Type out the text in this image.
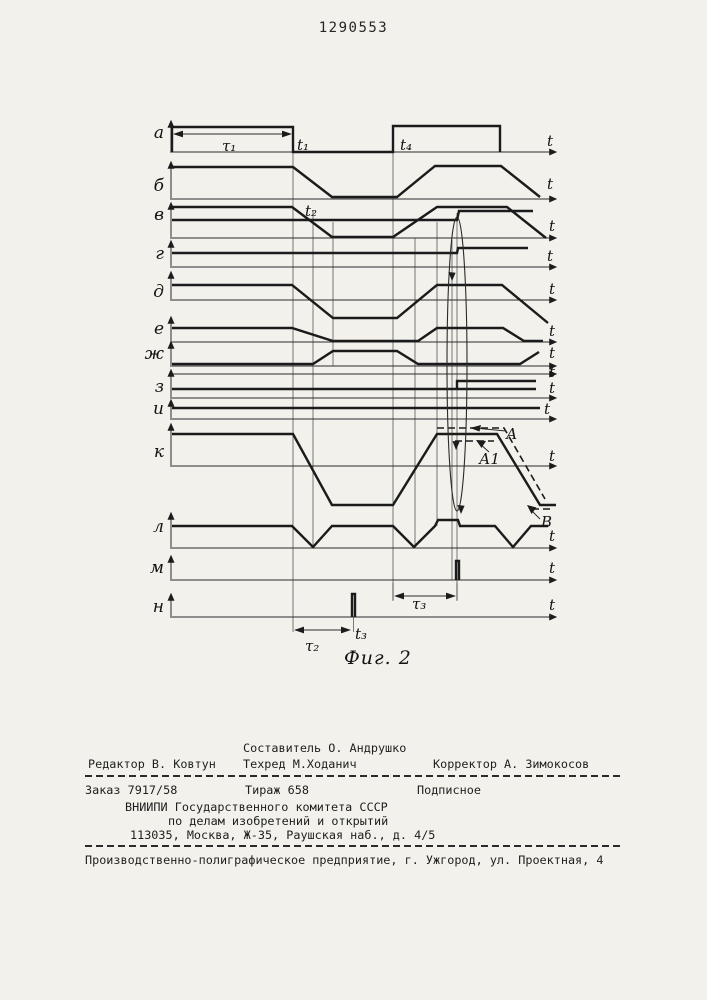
1290553
а
б
в
г
д
е
ж
з
и
к
л
м
н
t
t
t
t
t
t
t
t
t
t
t
t
t
t
τ₁	t₁	t₄
t₂
τ₃
t₃
τ₂
А
А1
В
Фиг. 2
Составитель О. Андрушко
Редактор В. Ковтун Техред М.Ходанич	Корректор А. Зимокосов
Заказ 7917/58	Тираж 658	Подписное
ВНИИПИ Государственного комитета СССР
по делам изобретений и открытий
113035, Москва, Ж-35, Раушская наб., д. 4/5
Производственно-полиграфическое предприятие, г. Ужгород, ул. Проектная, 4
